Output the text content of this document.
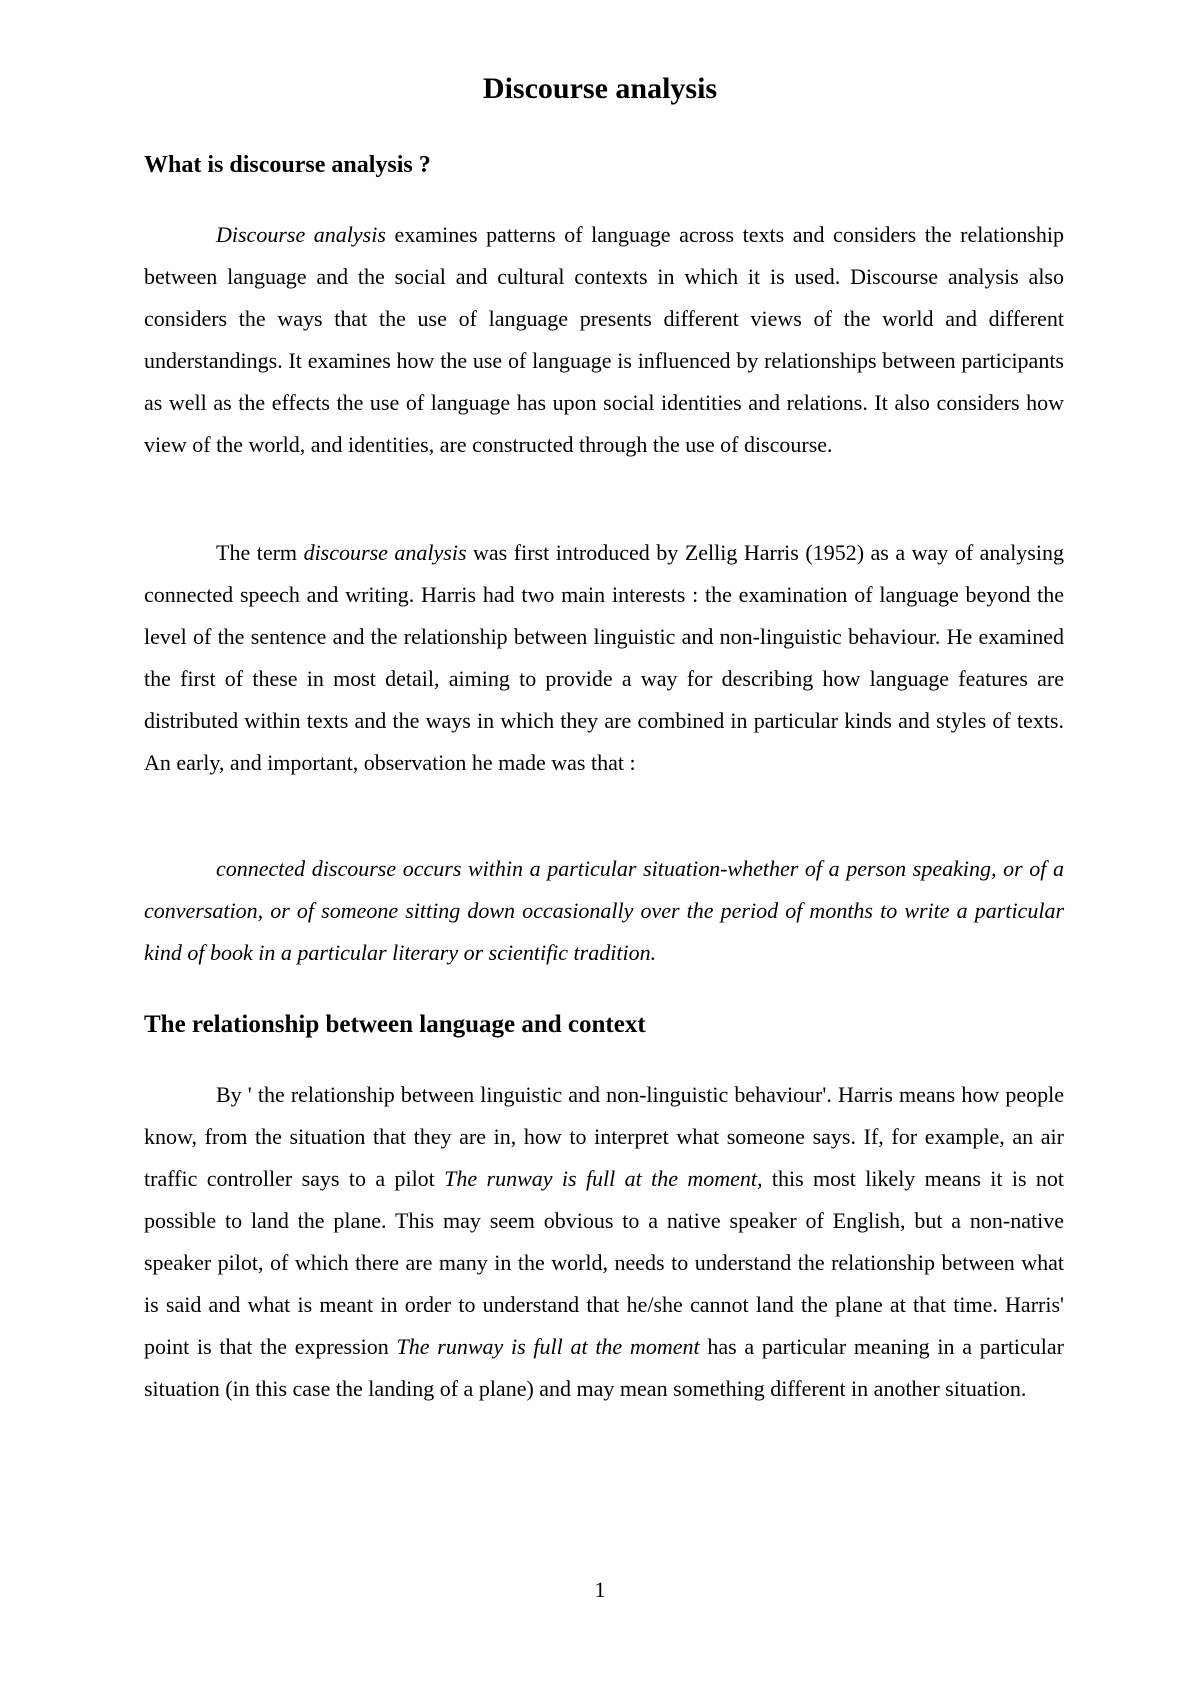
Discourse analysis
What is discourse analysis ?

Discourse analysis examines patterns of language across texts and considers the relationship between language and the social and cultural contexts in which it is used. Discourse analysis also considers the ways that the use of language presents different views of the world and different understandings. It examines how the use of language is influenced by relationships between participants as well as the effects the use of language has upon social identities and relations. It also considers how view of the world, and identities, are constructed through the use of discourse.

The term discourse analysis was first introduced by Zellig Harris (1952) as a way of analysing connected speech and writing. Harris had two main interests : the examination of language beyond the level of the sentence and the relationship between linguistic and non-linguistic behaviour. He examined the first of these in most detail, aiming to provide a way for describing how language features are distributed within texts and the ways in which they are combined in particular kinds and styles of texts. An early, and important, observation he made was that :

connected discourse occurs within a particular situation-whether of a person speaking, or of a conversation, or of someone sitting down occasionally over the period of months to write a particular kind of book in a particular literary or scientific tradition.

The relationship between language and context

By ' the relationship between linguistic and non-linguistic behaviour'. Harris means how people know, from the situation that they are in, how to interpret what someone says. If, for example, an air traffic controller says to a pilot The runway is full at the moment, this most likely means it is not possible to land the plane. This may seem obvious to a native speaker of English, but a non-native speaker pilot, of which there are many in the world, needs to understand the relationship between what is said and what is meant in order to understand that he/she cannot land the plane at that time. Harris' point is that the expression The runway is full at the moment has a particular meaning in a particular situation (in this case the landing of a plane) and may mean something different in another situation.

1
